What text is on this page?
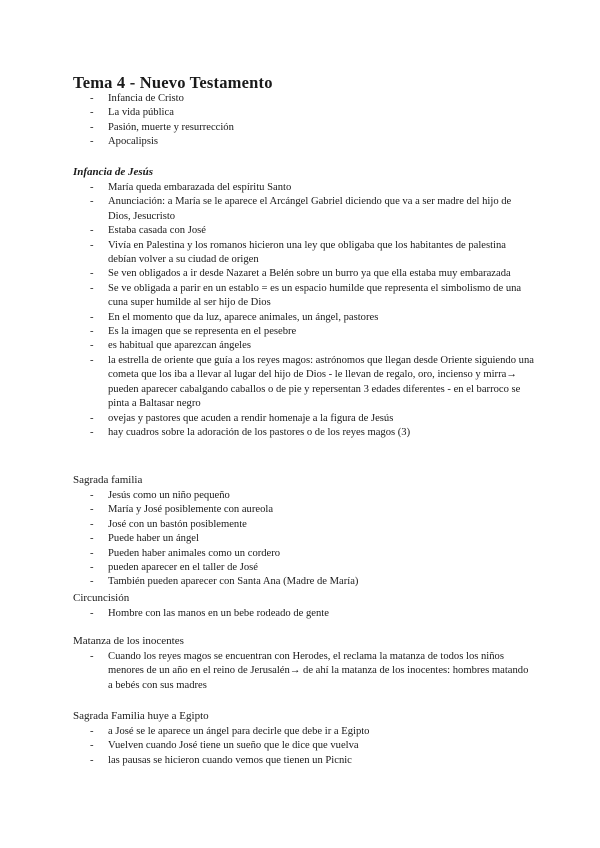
Tema 4 - Nuevo Testamento
- Infancia de Cristo
- La vida pública
- Pasión, muerte y resurrección
- Apocalipsis
Infancia de Jesús
- María queda embarazada del espíritu Santo
- Anunciación: a María se le aparece el Arcángel Gabriel diciendo que va a ser madre del hijo de Dios, Jesucristo
- Estaba casada con José
- Vivía en Palestina y los romanos hicieron una ley que obligaba que los habitantes de palestina debían volver a su ciudad de origen
- Se ven obligados a ir desde Nazaret a Belén sobre un burro ya que ella estaba muy embarazada
- Se ve obligada a parir en un establo = es un espacio humilde que representa el simbolismo de una cuna super humilde al ser hijo de Dios
- En el momento que da luz, aparece animales, un ángel, pastores
- Es la imagen que se representa en el pesebre
- es habitual que aparezcan ángeles
- la estrella de oriente que guía a los reyes magos: astrónomos que llegan desde Oriente siguiendo una cometa que los iba a llevar al lugar del hijo de Dios - le llevan de regalo, oro, incienso y mirra→ pueden aparecer cabalgando caballos o de pie y repersentan 3 edades diferentes - en el barroco se pinta a Baltasar negro
- ovejas y pastores que acuden a rendir homenaje a la figura de Jesús
- hay cuadros sobre la adoración de los pastores o de los reyes magos (3)
Sagrada familia
- Jesús como un niño pequeño
- María y José posiblemente con aureola
- José con un bastón posiblemente
- Puede haber un ángel
- Pueden haber animales como un cordero
- pueden aparecer en el taller de José
- También pueden aparecer con Santa Ana (Madre de María)
Circuncisión
- Hombre con las manos en un bebe rodeado de gente
Matanza de los inocentes
- Cuando los reyes magos se encuentran con Herodes, el reclama la matanza de todos los niños menores de un año en el reino de Jerusalén→ de ahí la matanza de los inocentes: hombres matando a bebés con sus madres
Sagrada Familia huye a Egipto
- a José se le aparece un ángel para decirle que debe ir a Egipto
- Vuelven cuando José tiene un sueño que le dice que vuelva
- las pausas se hicieron cuando vemos que tienen un Picnic
